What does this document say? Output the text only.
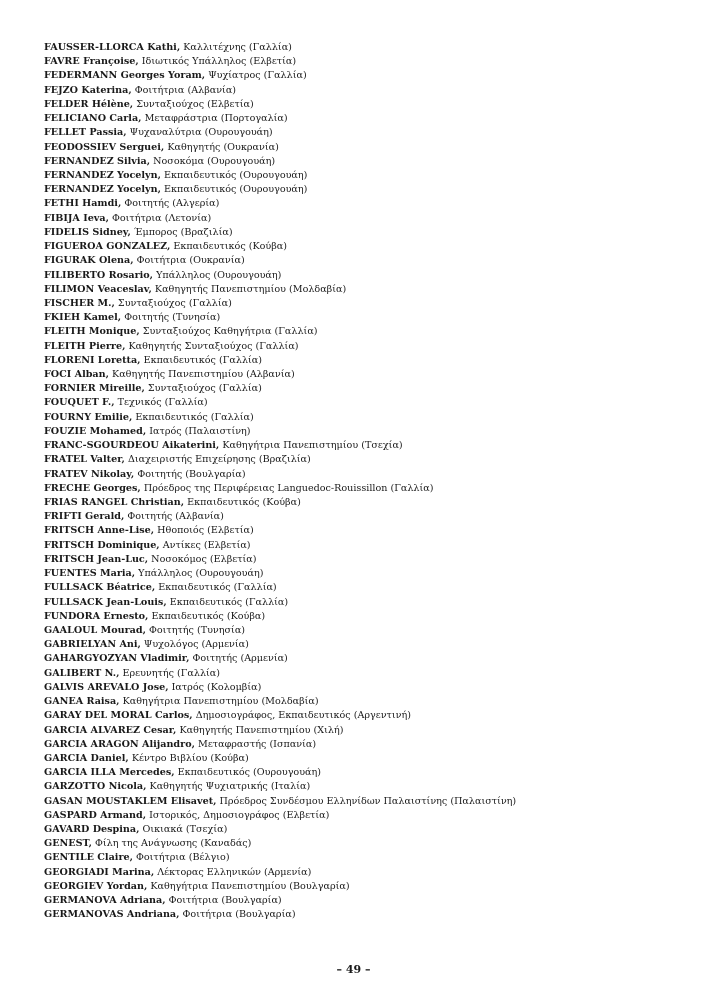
FAUSSER-LLORCA Kathi, Καλλιτέχνης (Γαλλία)
FAVRE Françoise, Ιδιωτικός Υπάλληλος (Ελβετία)
FEDERMANN Georges Yoram, Ψυχίατρος (Γαλλία)
FEJZO Katerina, Φοιτήτρια (Αλβανία)
FELDER Hélène, Συνταξιούχος (Ελβετία)
FELICIANO Carla, Μεταφράστρια (Πορτογαλία)
FELLET Passia, Ψυχαναλύτρια (Ουρουγουάη)
FEODOSSIEV Serguei, Καθηγητής (Ουκρανία)
FERNANDEZ Silvia, Νοσοκόμα (Ουρουγουάη)
FERNANDEZ Yocelyn, Εκπαιδευτικός (Ουρουγουάη)
FERNANDEZ Yocelyn, Εκπαιδευτικός (Ουρουγουάη)
FETHI Hamdi, Φοιτητής (Αλγερία)
FIBIJA Ieva, Φοιτήτρια (Λετονία)
FIDELIS Sidney, Έμπορος (Βραζιλία)
FIGUEROA GONZALEZ, Εκπαιδευτικός (Κούβα)
FIGURAK Olena, Φοιτήτρια (Ουκρανία)
FILIBERTO Rosario, Υπάλληλος (Ουρουγουάη)
FILIMON Veaceslav, Καθηγητής Πανεπιστημίου (Μολδαβία)
FISCHER M., Συνταξιούχος (Γαλλία)
FKIEH Kamel, Φοιτητής (Τυνησία)
FLEITH Monique, Συνταξιούχος Καθηγήτρια (Γαλλία)
FLEITH Pierre, Καθηγητής Συνταξιούχος (Γαλλία)
FLORENI Loretta, Εκπαιδευτικός (Γαλλία)
FOCI Alban, Καθηγητής Πανεπιστημίου (Αλβανία)
FORNIER Mireille, Συνταξιούχος (Γαλλία)
FOUQUET F., Τεχνικός (Γαλλία)
FOURNY Emilie, Εκπαιδευτικός (Γαλλία)
FOUZIE Mohamed, Ιατρός (Παλαιστίνη)
FRANC-SGOURDEOU Aikaterini, Καθηγήτρια Πανεπιστημίου (Τσεχία)
FRATEL Valter, Διαχειριστής Επιχείρησης (Βραζιλία)
FRATEV Nikolay, Φοιτητής (Βουλγαρία)
FRECHE Georges, Πρόεδρος της Περιφέρειας Languedoc-Rouissillon (Γαλλία)
FRIAS RANGEL Christian, Εκπαιδευτικός (Κούβα)
FRIFTI Gerald, Φοιτητής (Αλβανία)
FRITSCH Anne-Lise, Ηθοποιός (Ελβετία)
FRITSCH Dominique, Αντίκες (Ελβετία)
FRITSCH Jean-Luc, Νοσοκόμος (Ελβετία)
FUENTES Maria, Υπάλληλος (Ουρουγουάη)
FULLSACK Béatrice, Εκπαιδευτικός (Γαλλία)
FULLSACK Jean-Louis, Εκπαιδευτικός (Γαλλία)
FUNDORA Ernesto, Εκπαιδευτικός (Κούβα)
GAALOUL Mourad, Φοιτητής (Τυνησία)
GABRIELYAN Ani, Ψυχολόγος (Αρμενία)
GAHARGYOZYAN Vladimir, Φοιτητής (Αρμενία)
GALIBERT N., Ερευνητής (Γαλλία)
GALVIS AREVALO Jose, Ιατρός (Κολομβία)
GANEA Raisa, Καθηγήτρια Πανεπιστημίου (Μολδαβία)
GARAY DEL MORAL Carlos, Δημοσιογράφος, Εκπαιδευτικός (Αργεντινή)
GARCIA ALVAREZ Cesar, Καθηγητής Πανεπιστημίου (Χιλή)
GARCIA ARAGON Alijandro, Μεταφραστής (Ισπανία)
GARCIA Daniel, Κέντρο Βιβλίου (Κούβα)
GARCIA ILLA Mercedes, Εκπαιδευτικός (Ουρουγουάη)
GARZOTTO Nicola, Καθηγητής Ψυχιατρικής (Ιταλία)
GASAN MOUSTAKLEM Elisavet, Πρόεδρος Συνδέσμου Ελληνίδων Παλαιστίνης (Παλαιστίνη)
GASPARD Armand, Ιστορικός, Δημοσιογράφος (Ελβετία)
GAVARD Despina, Οικιακά (Τσεχία)
GENEST, Φίλη της Ανάγνωσης (Καναδάς)
GENTILE Claire, Φοιτήτρια (Βέλγιο)
GEORGIADI Marina, Λέκτορας Ελληνικών (Αρμενία)
GEORGIEV Yordan, Καθηγήτρια Πανεπιστημίου (Βουλγαρία)
GERMANOVA Adriana, Φοιτήτρια (Βουλγαρία)
GERMANOVAS Andriana, Φοιτήτρια (Βουλγαρία)
– 49 –
